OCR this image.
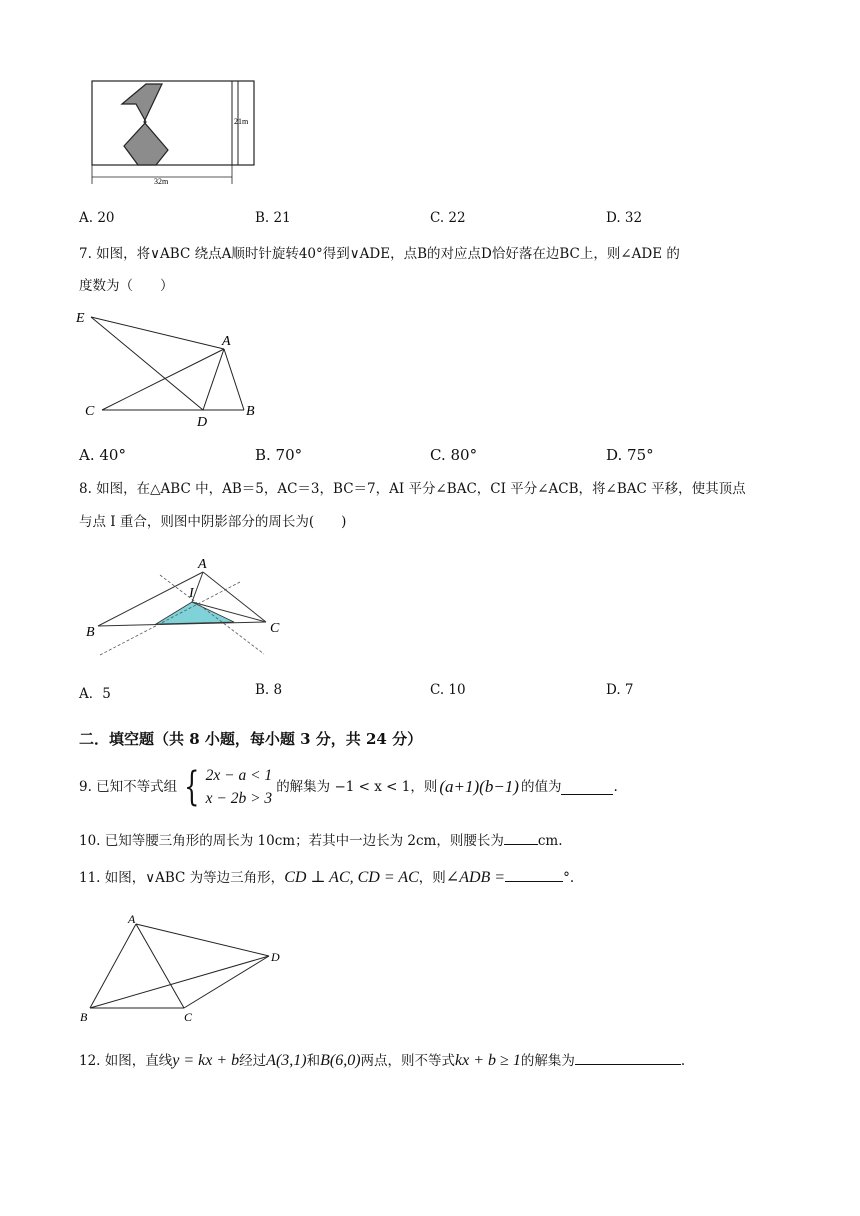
32m
21m
A. 20	B. 21	C. 22	D. 32
7. 如图，将∨ABC 绕点A顺时针旋转40°得到∨ADE，点B的对应点D恰好落在边BC上，则∠ADE 的
度数为（　　）
E
A
C
D
B
A. 40°	B. 70°	C. 80°	D. 75°
8. 如图，在△ABC 中，AB＝5，AC＝3，BC＝7，AI 平分∠BAC，CI 平分∠ACB，将∠BAC 平移，使其顶点
与点 I 重合，则图中阴影部分的周长为(　　)
A
I
B	C
A．5	B. 8	C. 10	D. 7
二．填空题（共 8 小题，每小题 3 分，共 24 分）
9. 已知不等式组 { 2x − a < 1
x − 2b > 3
的解集为 −1 < x < 1，则 (a+1)(b−1) 的值为	.
10. 已知等腰三角形的周长为 10cm；若其中一边长为 2cm，则腰长为	cm.
11. 如图，∨ABC 为等边三角形，CD ⊥ AC, CD = AC，则∠ADB =	°.
A
B	C
D
12. 如图，直线y = kx + b经过A(3,1)和B(6,0)两点，则不等式kx + b ≥ 1的解集为	.
